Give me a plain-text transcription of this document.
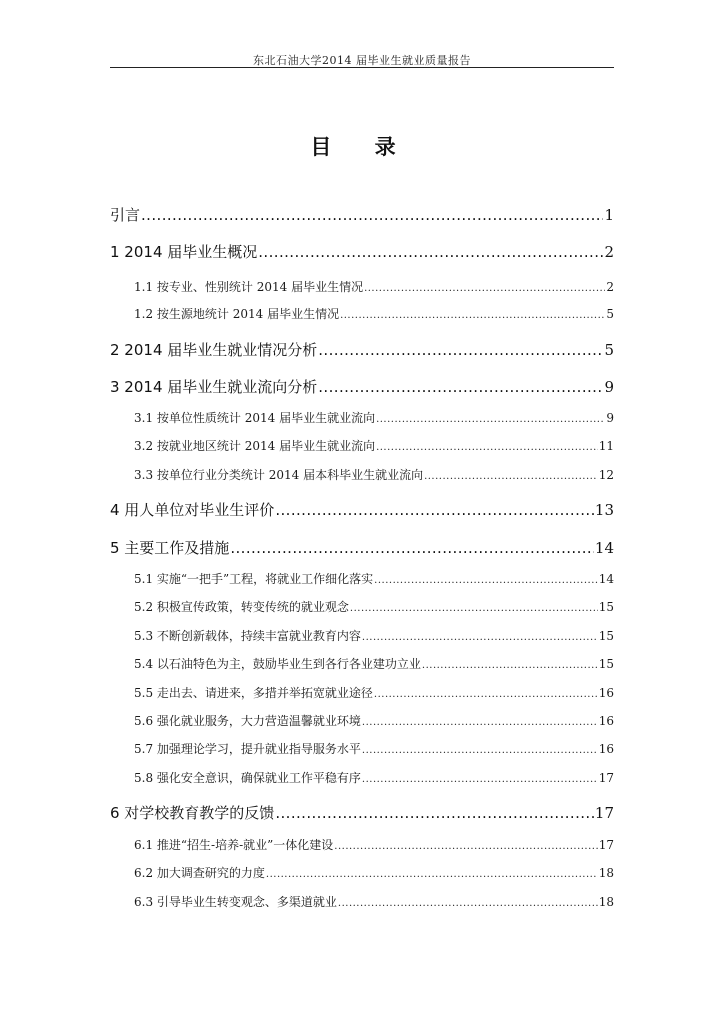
东北石油大学2014 届毕业生就业质量报告
目 录
引言 .....	1
1 2014 届毕业生概况 .....	2
1.1 按专业、性别统计 2014 届毕业生情况 .....	2
1.2 按生源地统计 2014 届毕业生情况 .....	5
2 2014 届毕业生就业情况分析 .....	5
3 2014 届毕业生就业流向分析 .....	9
3.1 按单位性质统计 2014 届毕业生就业流向 .....	9
3.2 按就业地区统计 2014 届毕业生就业流向 .....	11
3.3 按单位行业分类统计 2014 届本科毕业生就业流向 .....	12
4 用人单位对毕业生评价 .....	13
5 主要工作及措施 .....	14
5.1 实施“一把手”工程，将就业工作细化落实 .....	14
5.2 积极宣传政策，转变传统的就业观念 .....	15
5.3 不断创新载体，持续丰富就业教育内容 .....	15
5.4 以石油特色为主，鼓励毕业生到各行各业建功立业 .....	15
5.5 走出去、请进来，多措并举拓宽就业途径 .....	16
5.6 强化就业服务，大力营造温馨就业环境 .....	16
5.7 加强理论学习，提升就业指导服务水平 .....	16
5.8 强化安全意识，确保就业工作平稳有序 .....	17
6 对学校教育教学的反馈 .....	17
6.1 推进“招生-培养-就业”一体化建设 .....	17
6.2 加大调查研究的力度 .....	18
6.3 引导毕业生转变观念、多渠道就业 .....	18
